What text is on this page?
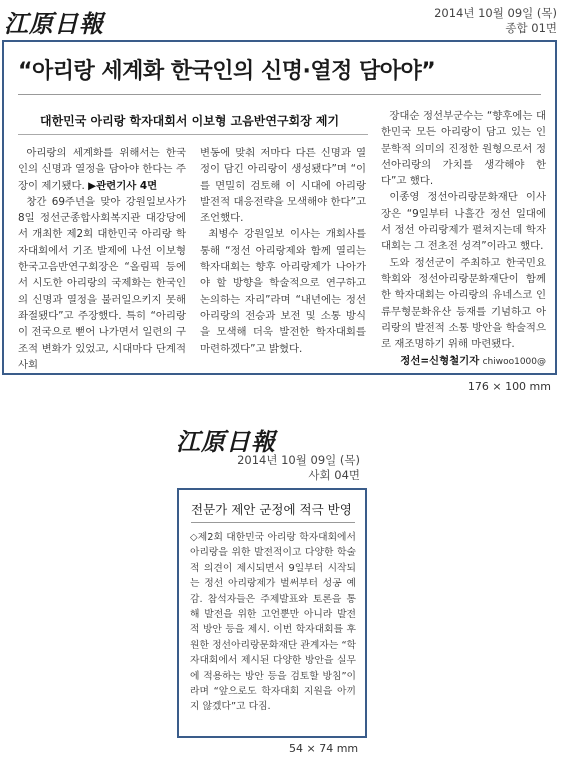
江原日報	2014년 10월 09일 (목)
종합 01면
“아리랑 세계화 한국인의 신명·열정 담아야”
대한민국 아리랑 학자대회서 이보형 고음반연구회장 제기

아리랑의 세계화를 위해서는 한국인의 신명과 열정을 담아야 한다는 주장이 제기됐다. ▶관련기사 4면

창간 69주년을 맞아 강원일보사가 8일 정선군종합사회복지관 대강당에서 개최한 제2회 대한민국 아리랑 학자대회에서 기조 발제에 나선 이보형 한국고음반연구회장은 “올림픽 등에서 시도한 아리랑의 국제화는 한국인의 신명과 열정을 불러일으키지 못해 좌절됐다”고 주장했다. 특히 “아리랑이 전국으로 뻗어 나가면서 일련의 구조적 변화가 있었고, 시대마다 단계적 사회

변동에 맞춰 저마다 다른 신명과 열정이 담긴 아리랑이 생성됐다”며 “이를 면밀히 검토해 이 시대에 아리랑 발전적 대응전략을 모색해야 한다”고 조언했다.

최병수 강원일보 이사는 개회사를 통해 “정선 아리랑제와 함께 열리는 학자대회는 향후 아리랑제가 나아가야 할 방향을 학술적으로 연구하고 논의하는 자리”라며 “내년에는 정선아리랑의 전승과 보전 및 소통 방식을 모색해 더욱 발전한 학자대회를 마련하겠다”고 밝혔다.

장대순 정선부군수는 “향후에는 대한민국 모든 아리랑이 담고 있는 인문학적 의미의 진정한 원형으로서 정선아리랑의 가치를 생각해야 한다”고 했다.

이종영 정선아리랑문화재단 이사장은 “9일부터 나흘간 정선 일대에서 정선 아리랑제가 펼쳐지는데 학자대회는 그 전초전 성격”이라고 했다.

도와 정선군이 주최하고 한국민요학회와 정선아리랑문화재단이 함께한 학자대회는 아리랑의 유네스코 인류무형문화유산 등재를 기념하고 아리랑의 발전적 소통 방안을 학술적으로 재조명하기 위해 마련됐다.

정선=신형철기자 chiwoo1000@

176 × 100 mm
江原日報
2014년 10월 09일 (목)
사회 04면
전문가 제안 군정에 적극 반영

◇제2회 대한민국 아리랑 학자대회에서 아리랑을 위한 발전적이고 다양한 학술적 의견이 제시되면서 9일부터 시작되는 정선 아리랑제가 벌써부터 성공 예감. 참석자들은 주제발표와 토론을 통해 발전을 위한 고언뿐만 아니라 발전적 방안 등을 제시. 이번 학자대회를 후원한 정선아리랑문화재단 관계자는 “학자대회에서 제시된 다양한 방안을 실무에 적용하는 방안 등을 검토할 방침”이라며 “앞으로도 학자대회 지원을 아끼지 않겠다”고 다짐.

54 × 74 mm
